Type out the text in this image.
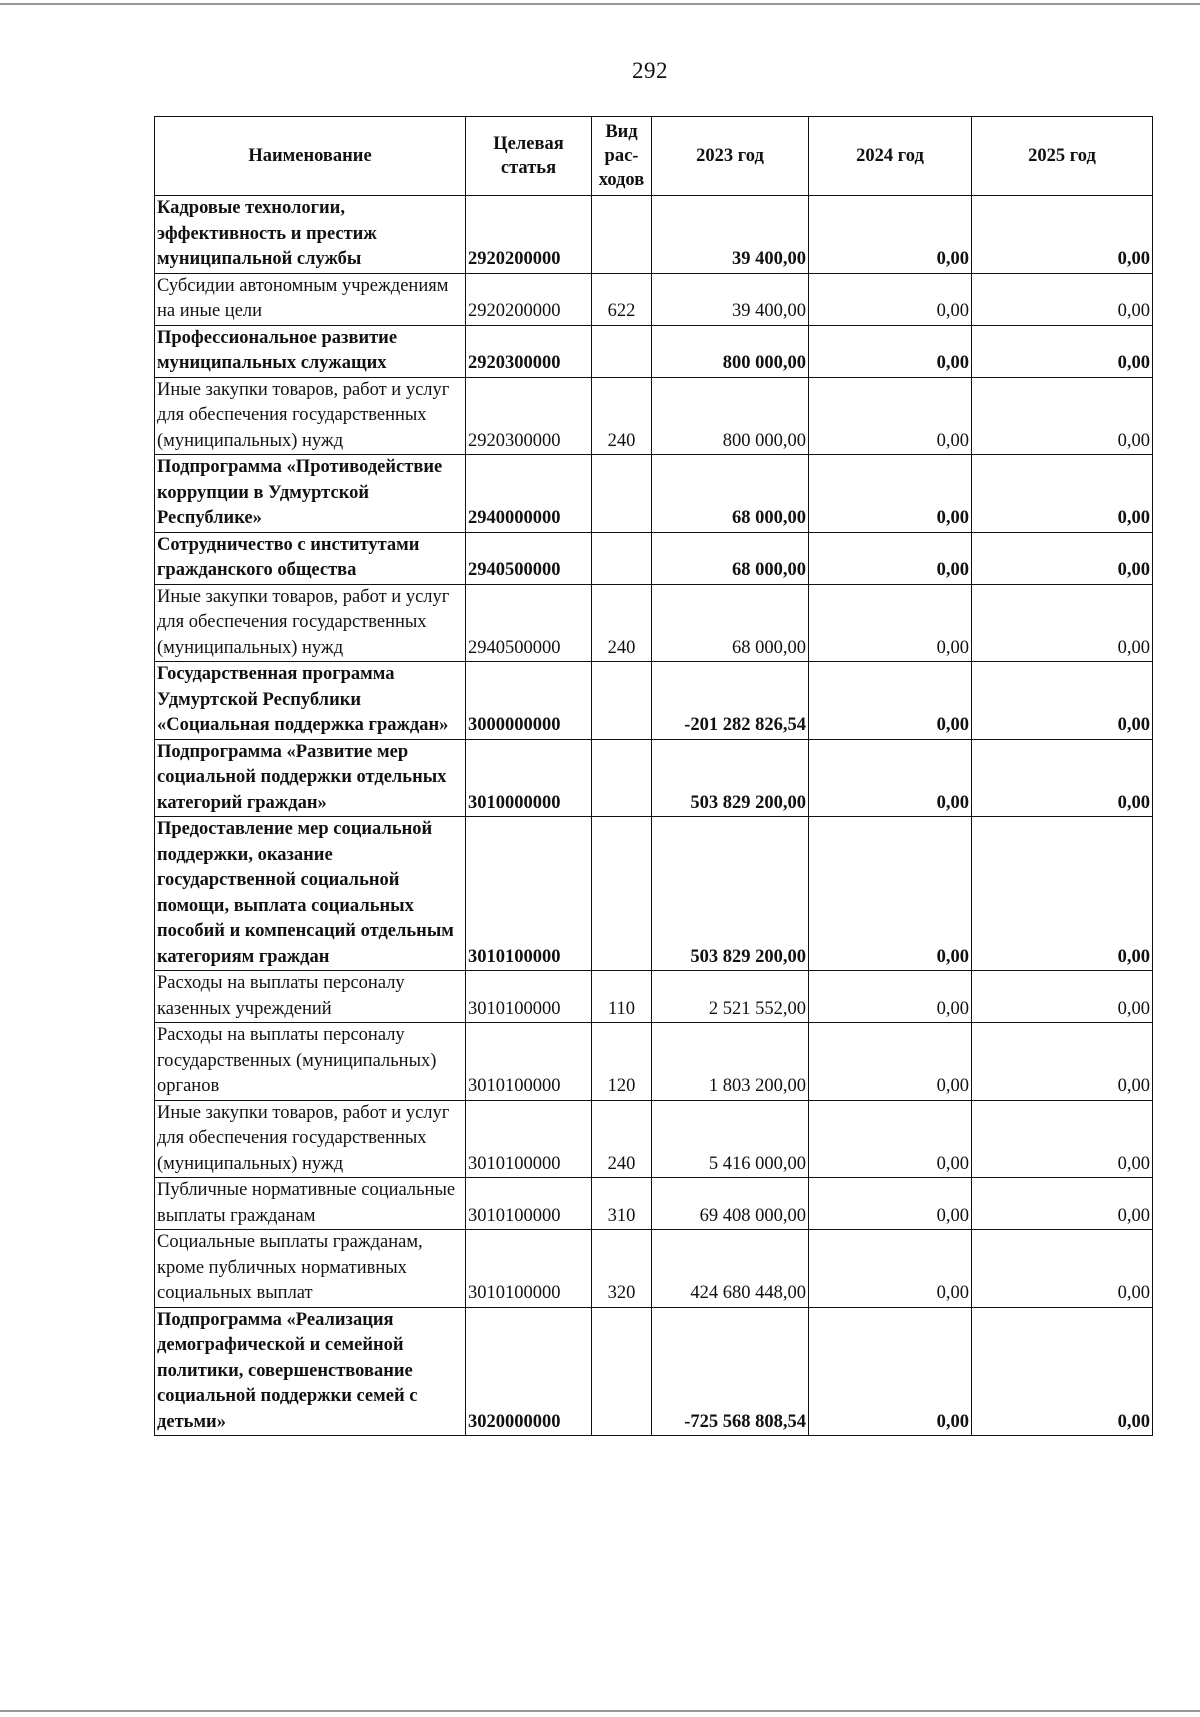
292
Наименование	Целевая статья	Вид рас-ходов	2023 год	2024 год	2025 год
Кадровые технологии, эффективность и престиж муниципальной службы	2920200000		39 400,00	0,00	0,00
Субсидии автономным учреждениям на иные цели	2920200000	622	39 400,00	0,00	0,00
Профессиональное развитие муниципальных служащих	2920300000		800 000,00	0,00	0,00
Иные закупки товаров, работ и услуг для обеспечения государственных (муниципальных) нужд	2920300000	240	800 000,00	0,00	0,00
Подпрограмма «Противодействие коррупции в Удмуртской Республике»	2940000000		68 000,00	0,00	0,00
Сотрудничество с институтами гражданского общества	2940500000		68 000,00	0,00	0,00
Иные закупки товаров, работ и услуг для обеспечения государственных (муниципальных) нужд	2940500000	240	68 000,00	0,00	0,00
Государственная программа Удмуртской Республики «Социальная поддержка граждан»	3000000000		-201 282 826,54	0,00	0,00
Подпрограмма «Развитие мер социальной поддержки отдельных категорий граждан»	3010000000		503 829 200,00	0,00	0,00
Предоставление мер социальной поддержки, оказание государственной социальной помощи, выплата социальных пособий и компенсаций отдельным категориям граждан	3010100000		503 829 200,00	0,00	0,00
Расходы на выплаты персоналу казенных учреждений	3010100000	110	2 521 552,00	0,00	0,00
Расходы на выплаты персоналу государственных (муниципальных) органов	3010100000	120	1 803 200,00	0,00	0,00
Иные закупки товаров, работ и услуг для обеспечения государственных (муниципальных) нужд	3010100000	240	5 416 000,00	0,00	0,00
Публичные нормативные социальные выплаты гражданам	3010100000	310	69 408 000,00	0,00	0,00
Социальные выплаты гражданам, кроме публичных нормативных социальных выплат	3010100000	320	424 680 448,00	0,00	0,00
Подпрограмма «Реализация демографической и семейной политики, совершенствование социальной поддержки семей с детьми»	3020000000		-725 568 808,54	0,00	0,00
